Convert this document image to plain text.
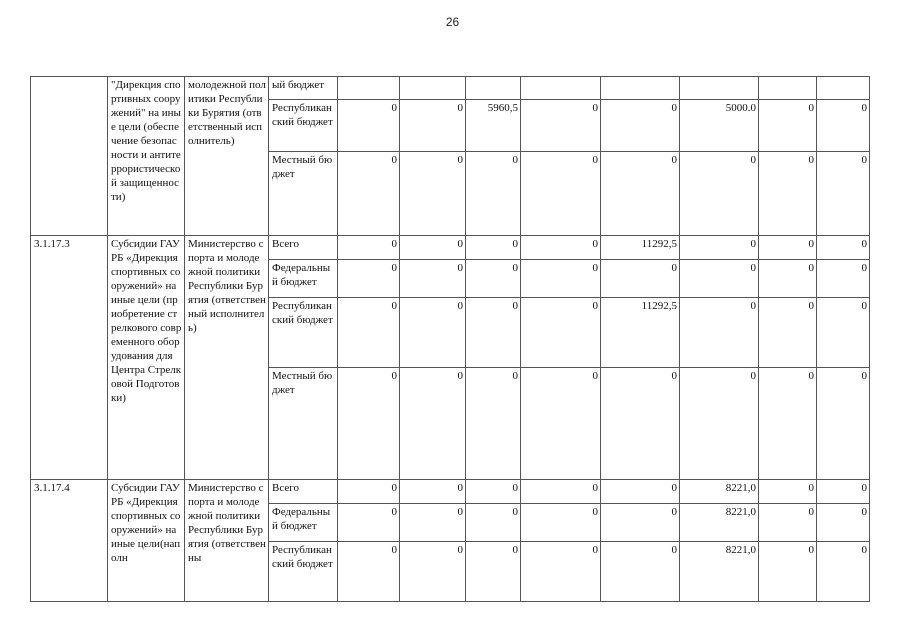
26

	"Дирекция спортивных сооружений" на иные цели (обеспечение безопасности и антитеррористической защищенности)	молодежной политики Республики Бурятия (ответственный исполнитель)	ый бюджет								

			Республиканский бюджет	0	0	5960,5	0	0	5000.0	0	0

			Местный бюджет	0	0	0	0	0	0	0	0

3.1.17.3	Субсидии ГАУ РБ «Дирекция спортивных сооружений» на иные цели (приобретение стрелкового современного оборудования для Центра Стрелковой Подготовки)	Министерство спорта и молодежной политики Республики Бурятия (ответственный исполнитель)	Всего	0	0	0	0	11292,5	0	0	0

			Федеральный бюджет	0	0	0	0	0	0	0	0

			Республиканский бюджет	0	0	0	0	11292,5	0	0	0

			Местный бюджет	0	0	0	0	0	0	0	0

3.1.17.4	Субсидии ГАУ РБ «Дирекция спортивных сооружений» на иные цели(наполн	Министерство спорта и молодежной политики Республики Бурятия (ответственны	Всего	0	0	0	0	0	8221,0	0	0

			Федеральный бюджет	0	0	0	0	0	8221,0	0	0

			Республиканский бюджет	0	0	0	0	0	8221,0	0	0
